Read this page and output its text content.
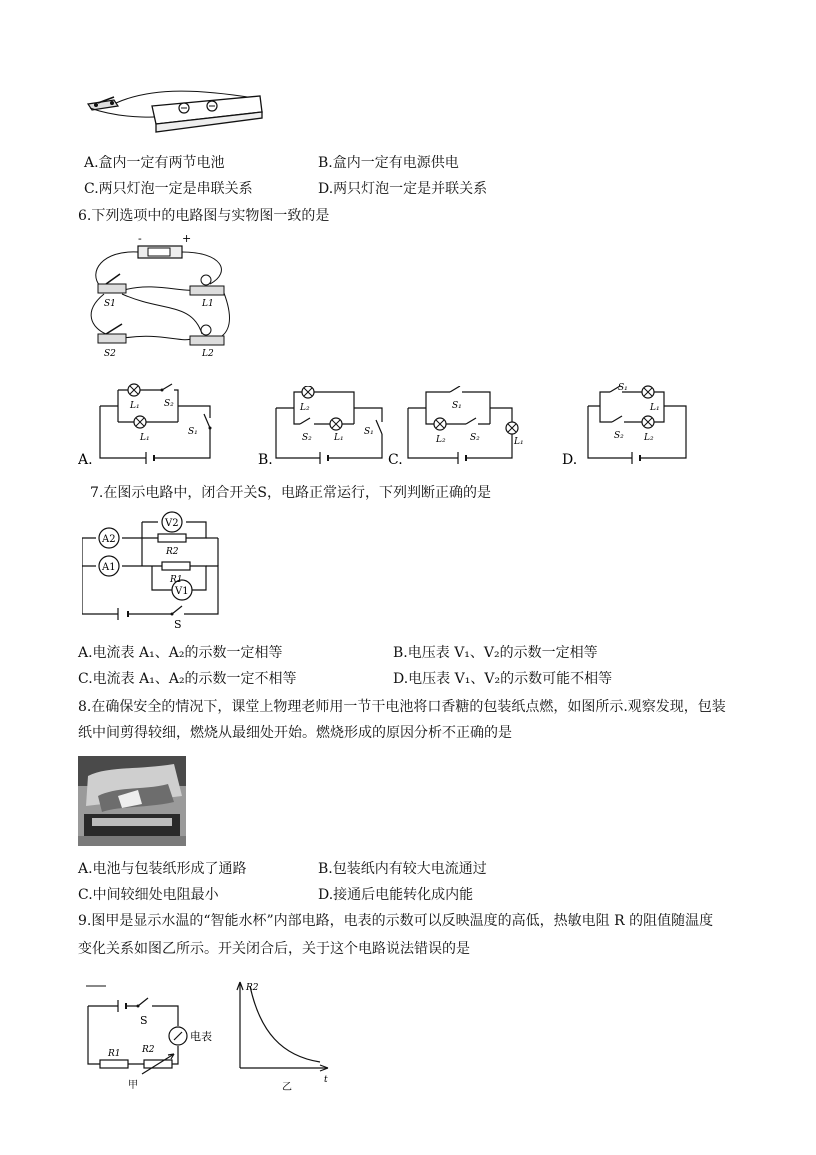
A.盒内一定有两节电池	B.盒内一定有电源供电
C.两只灯泡一定是串联关系	D.两只灯泡一定是并联关系
6.下列选项中的电路图与实物图一致的是
-	+
S1	L1
S2	L2
A.
L₁	S₂
L₁
S₁
B.
L₂
S₂ L₁
S₁
C.
S₁
L₂	S₂	L₁
D.
S₁
L₁
S₂ L₂
7.在图示电路中，闭合开关S，电路正常运行，下列判断正确的是
A2
A1
V2
V1
R2
R1
S
A.电流表 A₁、A₂的示数一定相等	B.电压表 V₁、V₂的示数一定相等
C.电流表 A₁、A₂的示数一定不相等	D.电压表 V₁、V₂的示数可能不相等
8.在确保安全的情况下，课堂上物理老师用一节干电池将口香糖的包装纸点燃，如图所示.观察发现，包装
纸中间剪得较细，燃烧从最细处开始。燃烧形成的原因分析不正确的是
A.电池与包装纸形成了通路	B.包装纸内有较大电流通过
C.中间较细处电阻最小	D.接通后电能转化成内能
9.图甲是显示水温的“智能水杯”内部电路，电表的示数可以反映温度的高低，热敏电阻 R 的阻值随温度
变化关系如图乙所示。开关闭合后，关于这个电路说法错误的是
S
电表
R1 R2
甲
R2
t
乙
